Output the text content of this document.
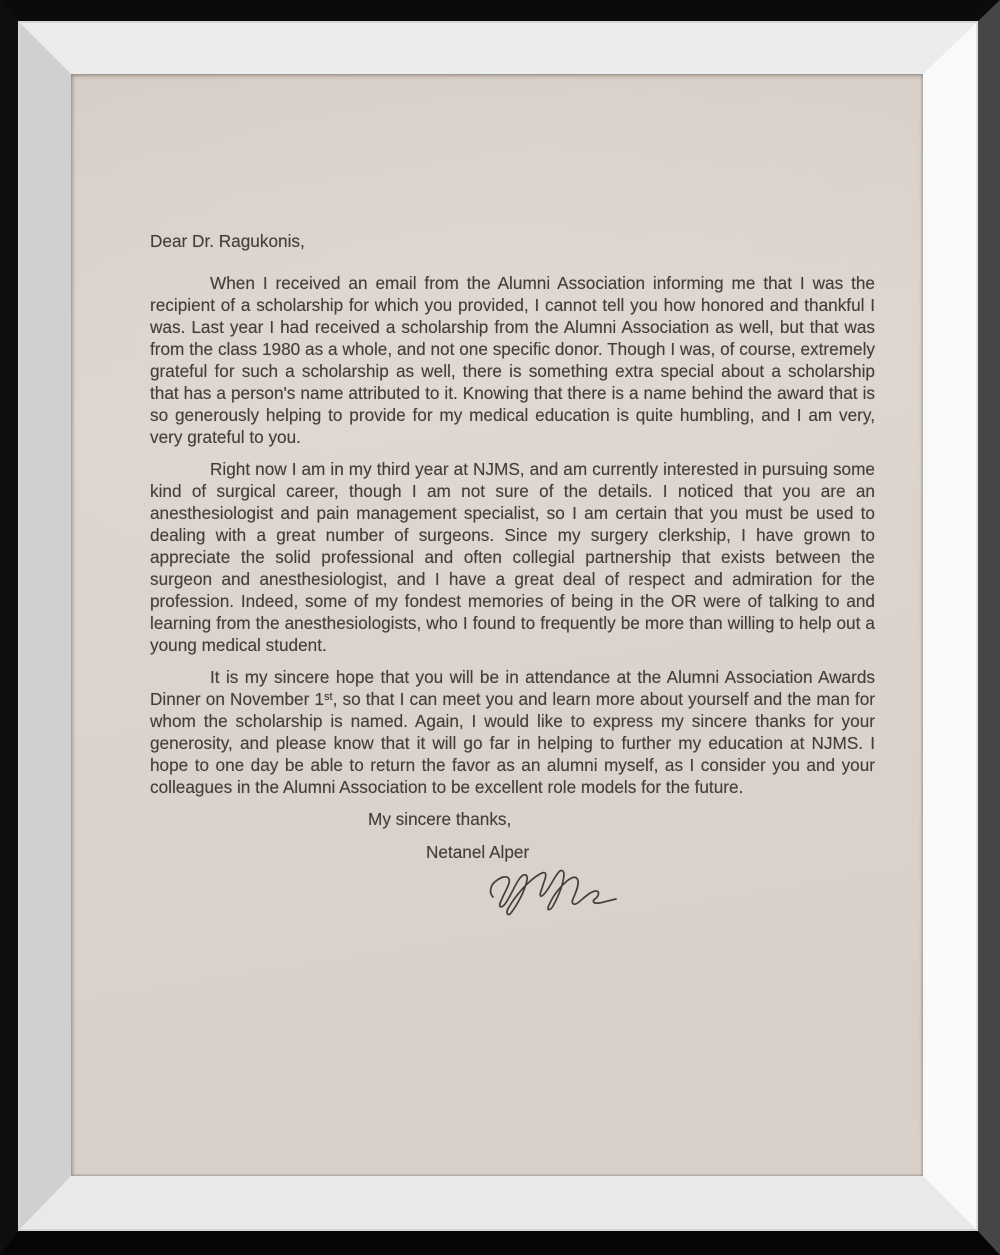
Dear Dr. Ragukonis,

When I received an email from the Alumni Association informing me that I was the recipient of a scholarship for which you provided, I cannot tell you how honored and thankful I was. Last year I had received a scholarship from the Alumni Association as well, but that was from the class 1980 as a whole, and not one specific donor. Though I was, of course, extremely grateful for such a scholarship as well, there is something extra special about a scholarship that has a person's name attributed to it. Knowing that there is a name behind the award that is so generously helping to provide for my medical education is quite humbling, and I am very, very grateful to you.

Right now I am in my third year at NJMS, and am currently interested in pursuing some kind of surgical career, though I am not sure of the details. I noticed that you are an anesthesiologist and pain management specialist, so I am certain that you must be used to dealing with a great number of surgeons. Since my surgery clerkship, I have grown to appreciate the solid professional and often collegial partnership that exists between the surgeon and anesthesiologist, and I have a great deal of respect and admiration for the profession. Indeed, some of my fondest memories of being in the OR were of talking to and learning from the anesthesiologists, who I found to frequently be more than willing to help out a young medical student.

It is my sincere hope that you will be in attendance at the Alumni Association Awards Dinner on November 1st, so that I can meet you and learn more about yourself and the man for whom the scholarship is named. Again, I would like to express my sincere thanks for your generosity, and please know that it will go far in helping to further my education at NJMS. I hope to one day be able to return the favor as an alumni myself, as I consider you and your colleagues in the Alumni Association to be excellent role models for the future.

My sincere thanks,

Netanel Alper
